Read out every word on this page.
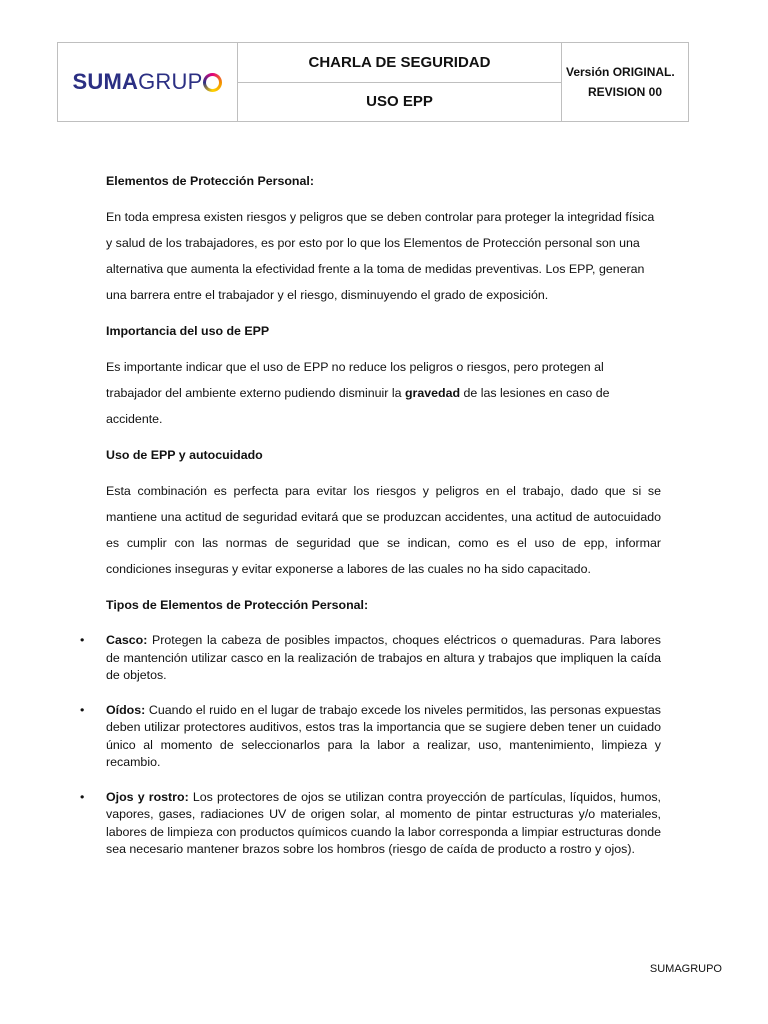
SUMA GRUP
CHARLA DE SEGURIDAD
USO EPP
Versión ORIGINAL.
REVISION 00

Elementos de Protección Personal:

En toda empresa existen riesgos y peligros que se deben controlar para proteger la integridad física y salud de los trabajadores, es por esto por lo que los Elementos de Protección personal son una alternativa que aumenta la efectividad frente a la toma de medidas preventivas. Los EPP, generan una barrera entre el trabajador y el riesgo, disminuyendo el grado de exposición.

Importancia del uso de EPP

Es importante indicar que el uso de EPP no reduce los peligros o riesgos, pero protegen al trabajador del ambiente externo pudiendo disminuir la gravedad de las lesiones en caso de accidente.

Uso de EPP y autocuidado

Esta combinación es perfecta para evitar los riesgos y peligros en el trabajo, dado que si se mantiene una actitud de seguridad evitará que se produzcan accidentes, una actitud de autocuidado es cumplir con las normas de seguridad que se indican, como es el uso de epp, informar condiciones inseguras y evitar exponerse a labores de las cuales no ha sido capacitado.

Tipos de Elementos de Protección Personal:

•	Casco: Protegen la cabeza de posibles impactos, choques eléctricos o quemaduras. Para labores de mantención utilizar casco en la realización de trabajos en altura y trabajos que impliquen la caída de objetos.
•	Oídos: Cuando el ruido en el lugar de trabajo excede los niveles permitidos, las personas expuestas deben utilizar protectores auditivos, estos tras la importancia que se sugiere deben tener un cuidado único al momento de seleccionarlos para la labor a realizar, uso, mantenimiento, limpieza y recambio.
•	Ojos y rostro: Los protectores de ojos se utilizan contra proyección de partículas, líquidos, humos, vapores, gases, radiaciones UV de origen solar, al momento de pintar estructuras y/o materiales, labores de limpieza con productos químicos cuando la labor corresponda a limpiar estructuras donde sea necesario mantener brazos sobre los hombros (riesgo de caída de producto a rostro y ojos).
SUMAGRUPO
